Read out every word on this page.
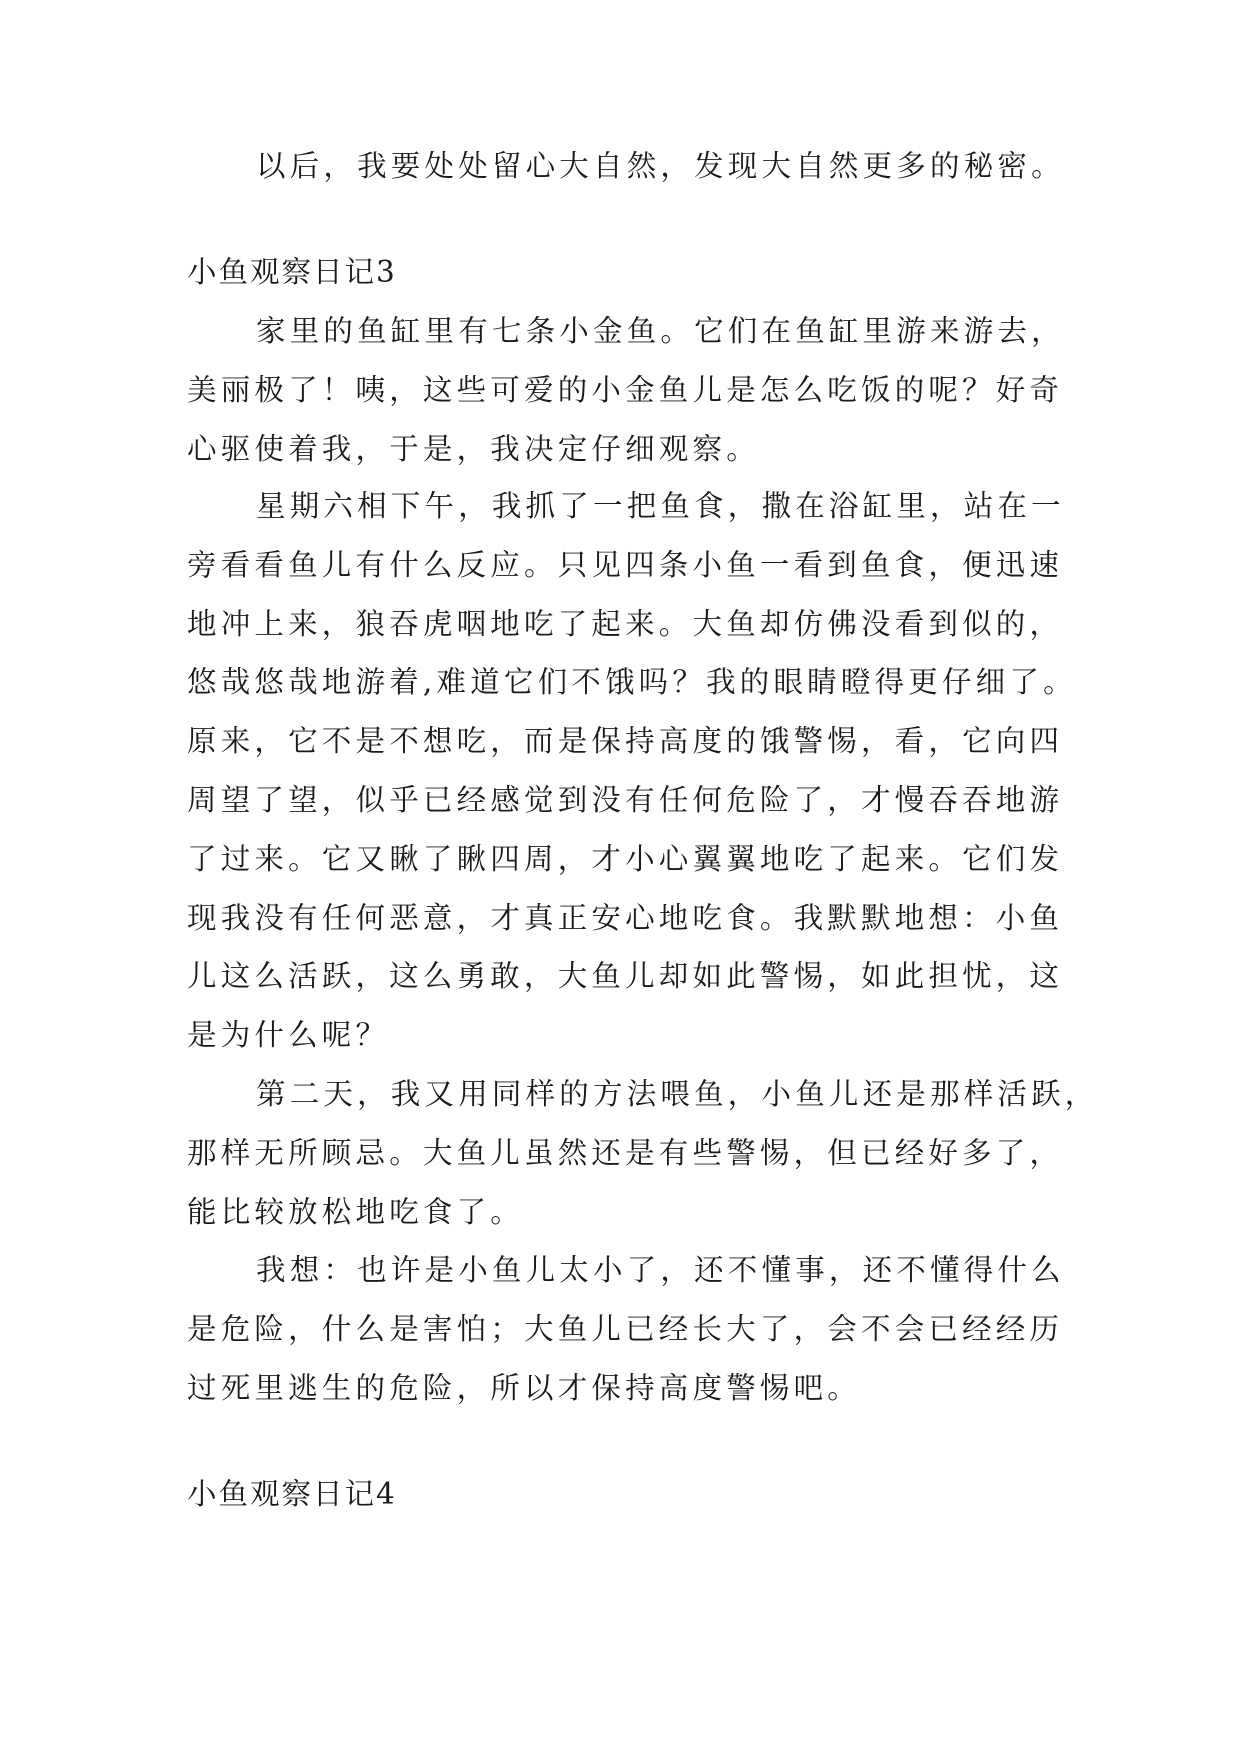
以后，我要处处留心大自然，发现大自然更多的秘密。
小鱼观察日记3
家里的鱼缸里有七条小金鱼。它们在鱼缸里游来游去，
美丽极了！咦，这些可爱的小金鱼儿是怎么吃饭的呢？好奇
心驱使着我，于是，我决定仔细观察。
星期六相下午，我抓了一把鱼食，撒在浴缸里，站在一
旁看看鱼儿有什么反应。只见四条小鱼一看到鱼食，便迅速
地冲上来，狼吞虎咽地吃了起来。大鱼却仿佛没看到似的，
悠哉悠哉地游着,难道它们不饿吗？我的眼睛瞪得更仔细了。
原来，它不是不想吃，而是保持高度的饿警惕，看，它向四
周望了望，似乎已经感觉到没有任何危险了，才慢吞吞地游
了过来。它又瞅了瞅四周，才小心翼翼地吃了起来。它们发
现我没有任何恶意，才真正安心地吃食。我默默地想：小鱼
儿这么活跃，这么勇敢，大鱼儿却如此警惕，如此担忧，这
是为什么呢？
第二天，我又用同样的方法喂鱼，小鱼儿还是那样活跃，
那样无所顾忌。大鱼儿虽然还是有些警惕，但已经好多了，
能比较放松地吃食了。
我想：也许是小鱼儿太小了，还不懂事，还不懂得什么
是危险，什么是害怕；大鱼儿已经长大了，会不会已经经历
过死里逃生的危险，所以才保持高度警惕吧。
小鱼观察日记4
